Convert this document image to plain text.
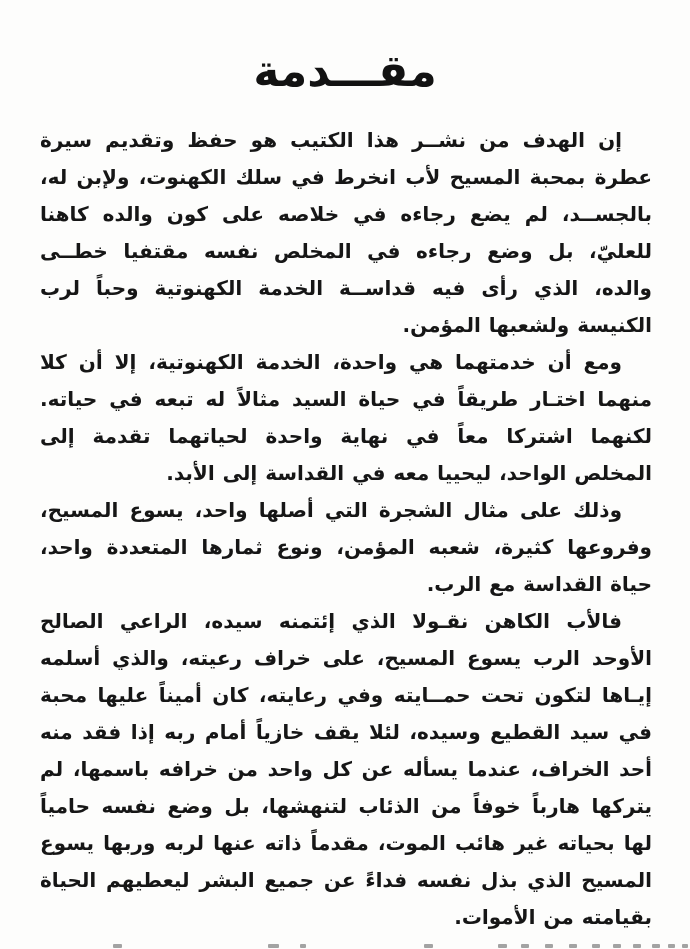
مقـــدمة

إن الهدف من نشــر هذا الكتيب هو حفظ وتقديم سيرة عطرة بمحبة المسيح لأب انخرط في سلك الكهنوت، ولإبن له، بالجســد، لم يضع رجاءه في خلاصه على كون والده كاهنا للعليّ، بل وضع رجاءه في المخلص نفسه مقتفيا خطــى والده، الذي رأى فيه قداســة الخدمة الكهنوتية وحباً لرب الكنيسة ولشعبها المؤمن.

ومع أن خدمتهما هي واحدة، الخدمة الكهنوتية، إلا أن كلا منهما اختـار طريقاً في حياة السيد مثالاً له تبعه في حياته. لكنهما اشتركا معاً في نهاية واحدة لحياتهما تقدمة إلى المخلص الواحد، ليحييا معه في القداسة إلى الأبد.

وذلك على مثال الشجرة التي أصلها واحد، يسوع المسيح، وفروعها كثيرة، شعبه المؤمن، ونوع ثمارها المتعددة واحد، حياة القداسة مع الرب.

فالأب الكاهن نقـولا الذي إئتمنه سيده، الراعي الصالح الأوحد الرب يسوع المسيح، على خراف رعيته، والذي أسلمه إيـاها لتكون تحت حمــايته وفي رعايته، كان أميناً عليها محبة في سيد القطيع وسيده، لئلا يقف خازياً أمام ربه إذا فقد منه أحد الخراف، عندما يسأله عن كل واحد من خرافه باسمها، لم يتركها هارباً خوفاً من الذئاب لتنهشها، بل وضع نفسه حامياً لها بحياته غير هائب الموت، مقدماً ذاته عنها لربه وربها يسوع المسيح الذي بذل نفسه فداءً عن جميع البشر ليعطيهم الحياة بقيامته من الأموات.
